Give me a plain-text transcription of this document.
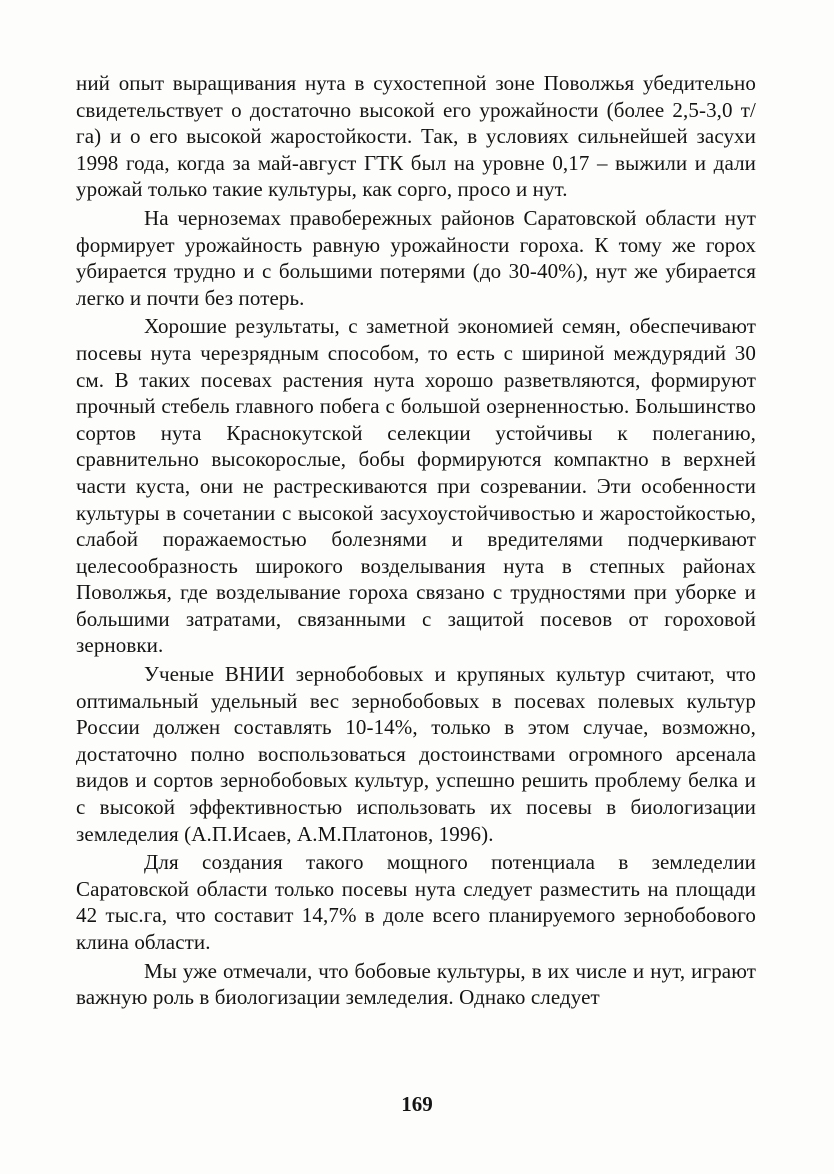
ний опыт выращивания нута в сухостепной зоне Поволжья убедительно свидетельствует о достаточно высокой его урожайности (более 2,5-3,0 т/га) и о его высокой жаростойкости. Так, в условиях сильнейшей засухи 1998 года, когда за май-август ГТК был на уровне 0,17 – выжили и дали урожай только такие культуры, как сорго, просо и нут.

На черноземах правобережных районов Саратовской области нут формирует урожайность равную урожайности гороха. К тому же горох убирается трудно и с большими потерями (до 30-40%), нут же убирается легко и почти без потерь.

Хорошие результаты, с заметной экономией семян, обеспечивают посевы нута черезрядным способом, то есть с шириной междурядий 30 см. В таких посевах растения нута хорошо разветвляются, формируют прочный стебель главного побега с большой озерненностью. Большинство сортов нута Краснокутской селекции устойчивы к полеганию, сравнительно высокорослые, бобы формируются компактно в верхней части куста, они не растрескиваются при созревании. Эти особенности культуры в сочетании с высокой засухоустойчивостью и жаростойкостью, слабой поражаемостью болезнями и вредителями подчеркивают целесообразность широкого возделывания нута в степных районах Поволжья, где возделывание гороха связано с трудностями при уборке и большими затратами, связанными с защитой посевов от гороховой зерновки.

Ученые ВНИИ зернобобовых и крупяных культур считают, что оптимальный удельный вес зернобобовых в посевах полевых культур России должен составлять 10-14%, только в этом случае, возможно, достаточно полно воспользоваться достоинствами огромного арсенала видов и сортов зернобобовых культур, успешно решить проблему белка и с высокой эффективностью использовать их посевы в биологизации земледелия (А.П.Исаев, А.М.Платонов, 1996).

Для создания такого мощного потенциала в земледелии Саратовской области только посевы нута следует разместить на площади 42 тыс.га, что составит 14,7% в доле всего планируемого зернобобового клина области.

Мы уже отмечали, что бобовые культуры, в их числе и нут, играют важную роль в биологизации земледелия. Однако следует

169
